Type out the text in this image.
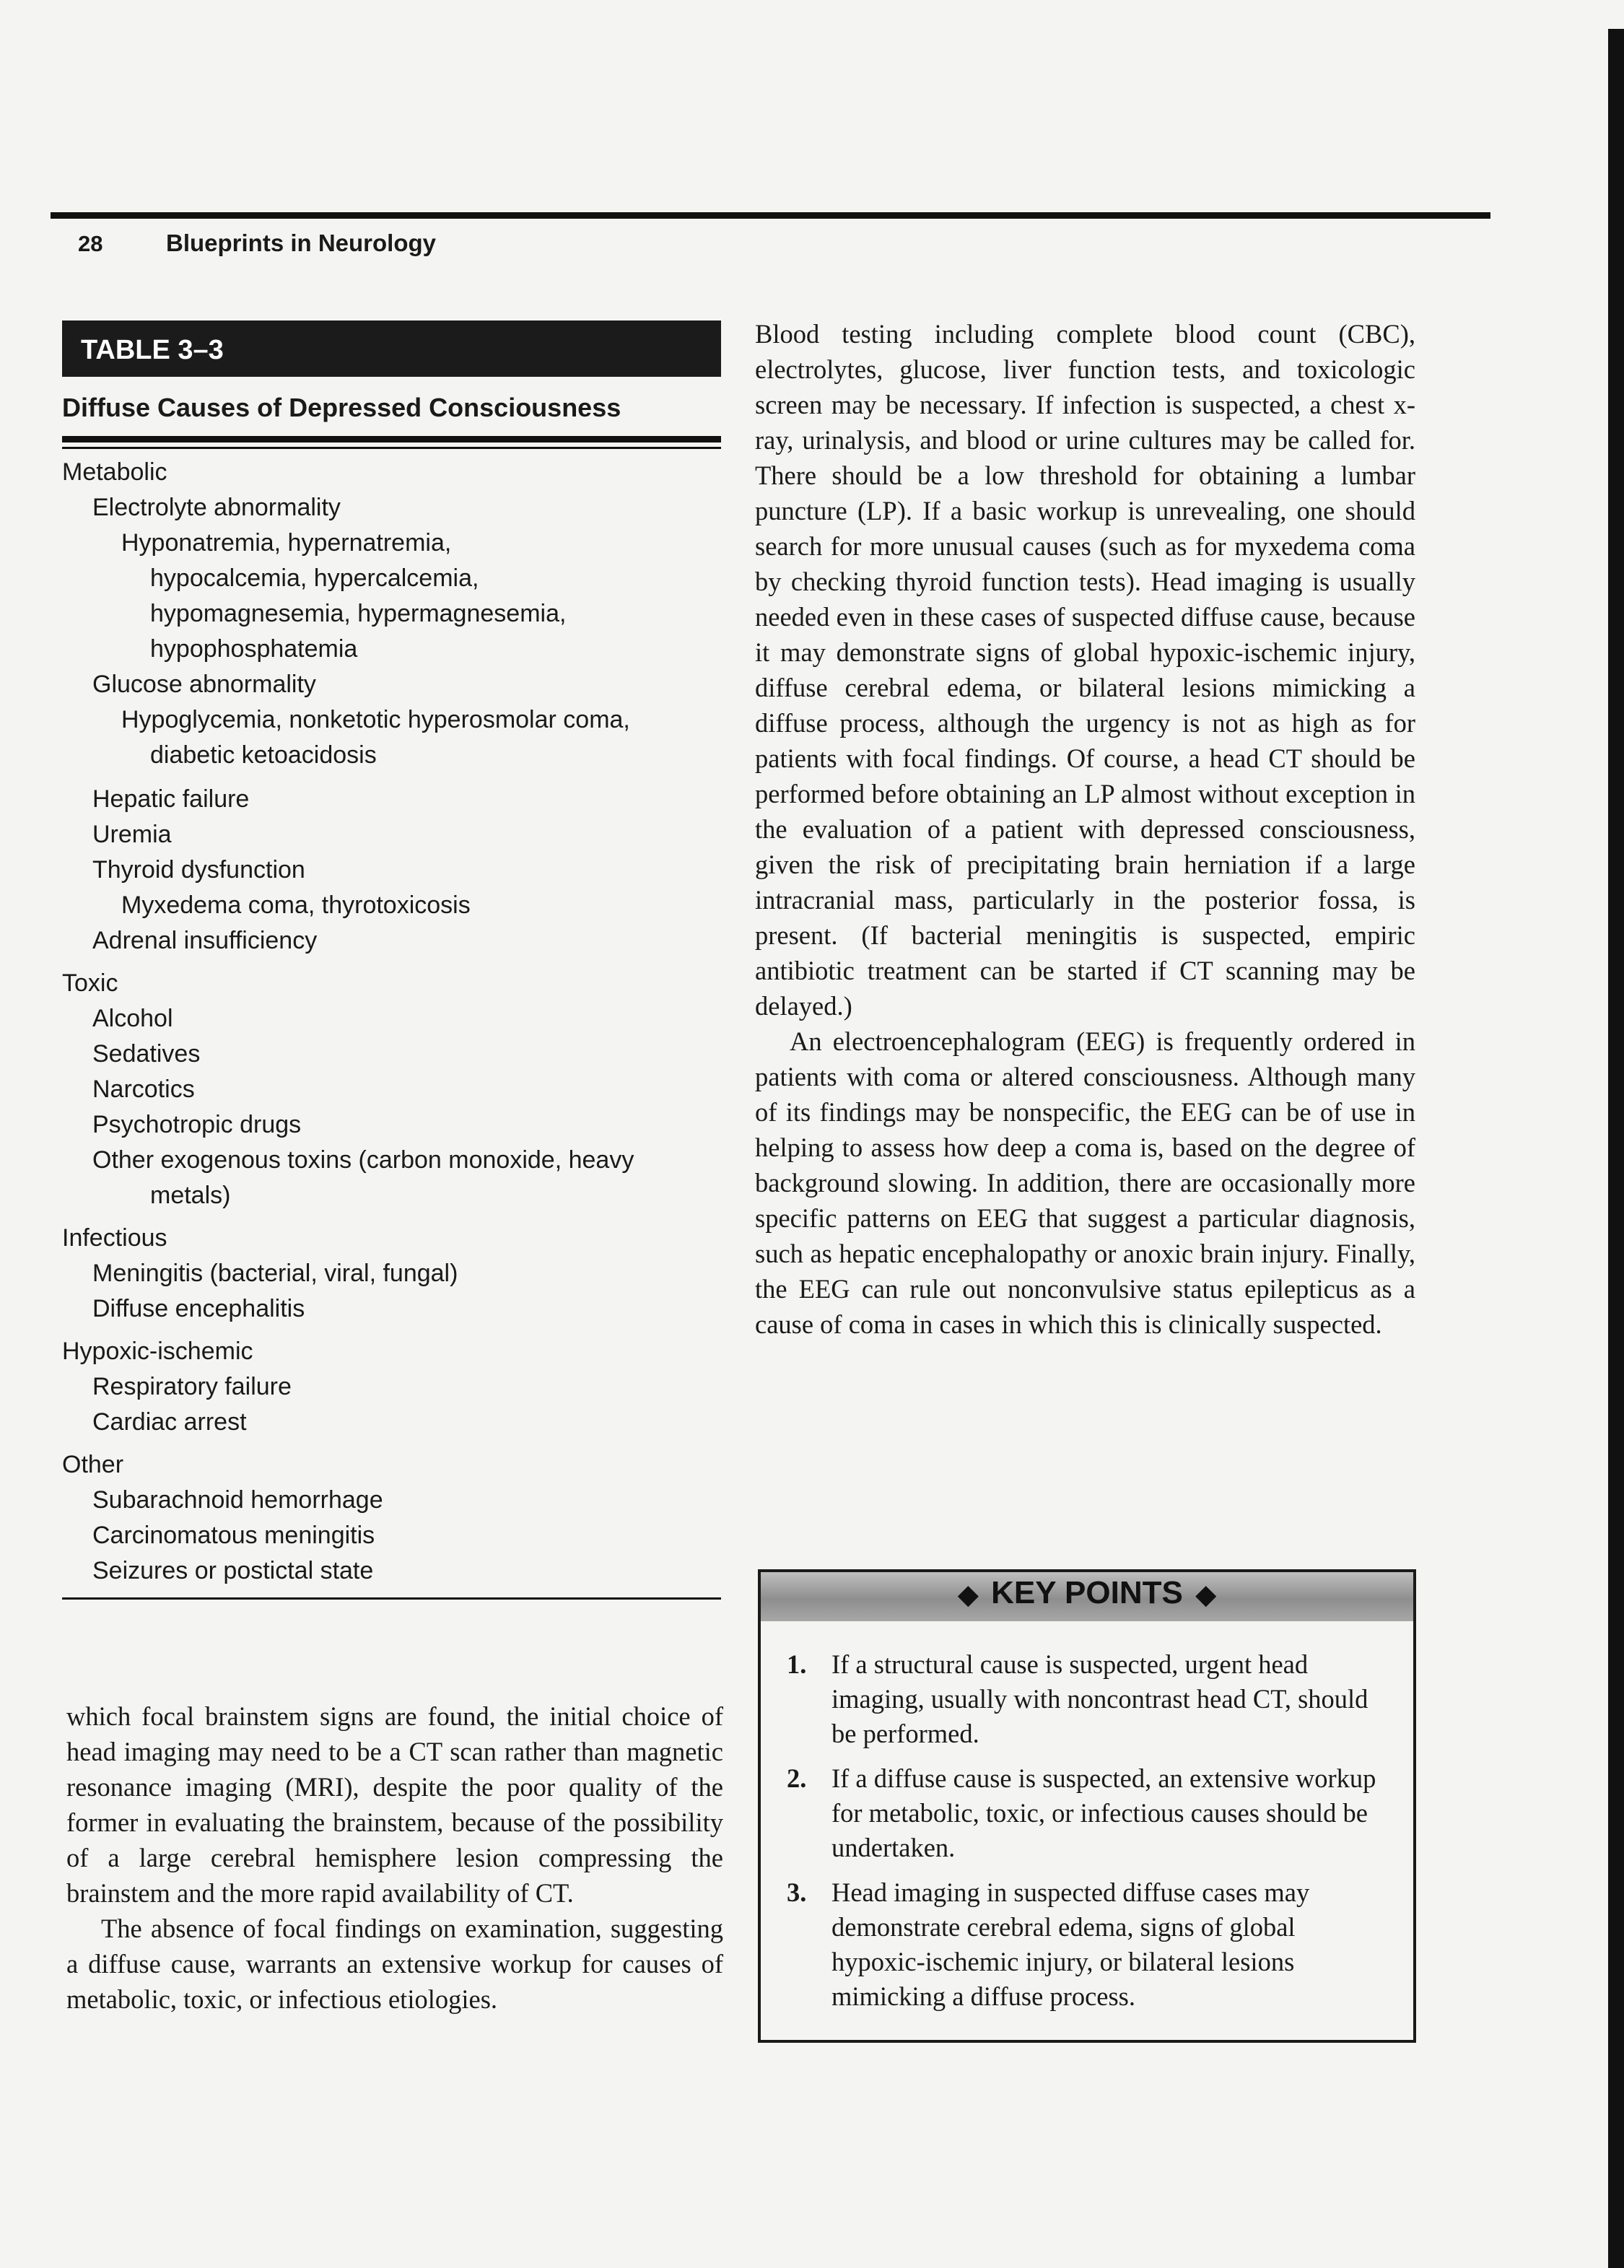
28	Blueprints in Neurology
TABLE 3–3
Diffuse Causes of Depressed Consciousness
Metabolic
Electrolyte abnormality
Hyponatremia, hypernatremia,
hypocalcemia, hypercalcemia,
hypomagnesemia, hypermagnesemia,
hypophosphatemia
Glucose abnormality
Hypoglycemia, nonketotic hyperosmolar coma,
diabetic ketoacidosis
Hepatic failure
Uremia
Thyroid dysfunction
Myxedema coma, thyrotoxicosis
Adrenal insufficiency
Toxic
Alcohol
Sedatives
Narcotics
Psychotropic drugs
Other exogenous toxins (carbon monoxide, heavy
metals)
Infectious
Meningitis (bacterial, viral, fungal)
Diffuse encephalitis
Hypoxic-ischemic
Respiratory failure
Cardiac arrest
Other
Subarachnoid hemorrhage
Carcinomatous meningitis
Seizures or postictal state

which focal brainstem signs are found, the initial choice of head imaging may need to be a CT scan rather than magnetic resonance imaging (MRI), despite the poor quality of the former in evaluating the brainstem, because of the possibility of a large cerebral hemisphere lesion compressing the brainstem and the more rapid availability of CT.

The absence of focal findings on examination, suggesting a diffuse cause, warrants an extensive workup for causes of metabolic, toxic, or infectious etiologies.

Blood testing including complete blood count (CBC), electrolytes, glucose, liver function tests, and toxicologic screen may be necessary. If infection is suspected, a chest x-ray, urinalysis, and blood or urine cultures may be called for. There should be a low threshold for obtaining a lumbar puncture (LP). If a basic workup is unrevealing, one should search for more unusual causes (such as for myxedema coma by checking thyroid function tests). Head imaging is usually needed even in these cases of suspected diffuse cause, because it may demonstrate signs of global hypoxic-ischemic injury, diffuse cerebral edema, or bilateral lesions mimicking a diffuse process, although the urgency is not as high as for patients with focal findings. Of course, a head CT should be performed before obtaining an LP almost without exception in the evaluation of a patient with depressed consciousness, given the risk of precipitating brain herniation if a large intracranial mass, particularly in the posterior fossa, is present. (If bacterial meningitis is suspected, empiric antibiotic treatment can be started if CT scanning may be delayed.)

An electroencephalogram (EEG) is frequently ordered in patients with coma or altered consciousness. Although many of its findings may be nonspecific, the EEG can be of use in helping to assess how deep a coma is, based on the degree of background slowing. In addition, there are occasionally more specific patterns on EEG that suggest a particular diagnosis, such as hepatic encephalopathy or anoxic brain injury. Finally, the EEG can rule out nonconvulsive status epilepticus as a cause of coma in cases in which this is clinically suspected.

◆ KEY POINTS ◆
1. If a structural cause is suspected, urgent head imaging, usually with noncontrast head CT, should be performed.
2. If a diffuse cause is suspected, an extensive workup for metabolic, toxic, or infectious causes should be undertaken.
3. Head imaging in suspected diffuse cases may demonstrate cerebral edema, signs of global hypoxic-ischemic injury, or bilateral lesions mimicking a diffuse process.
